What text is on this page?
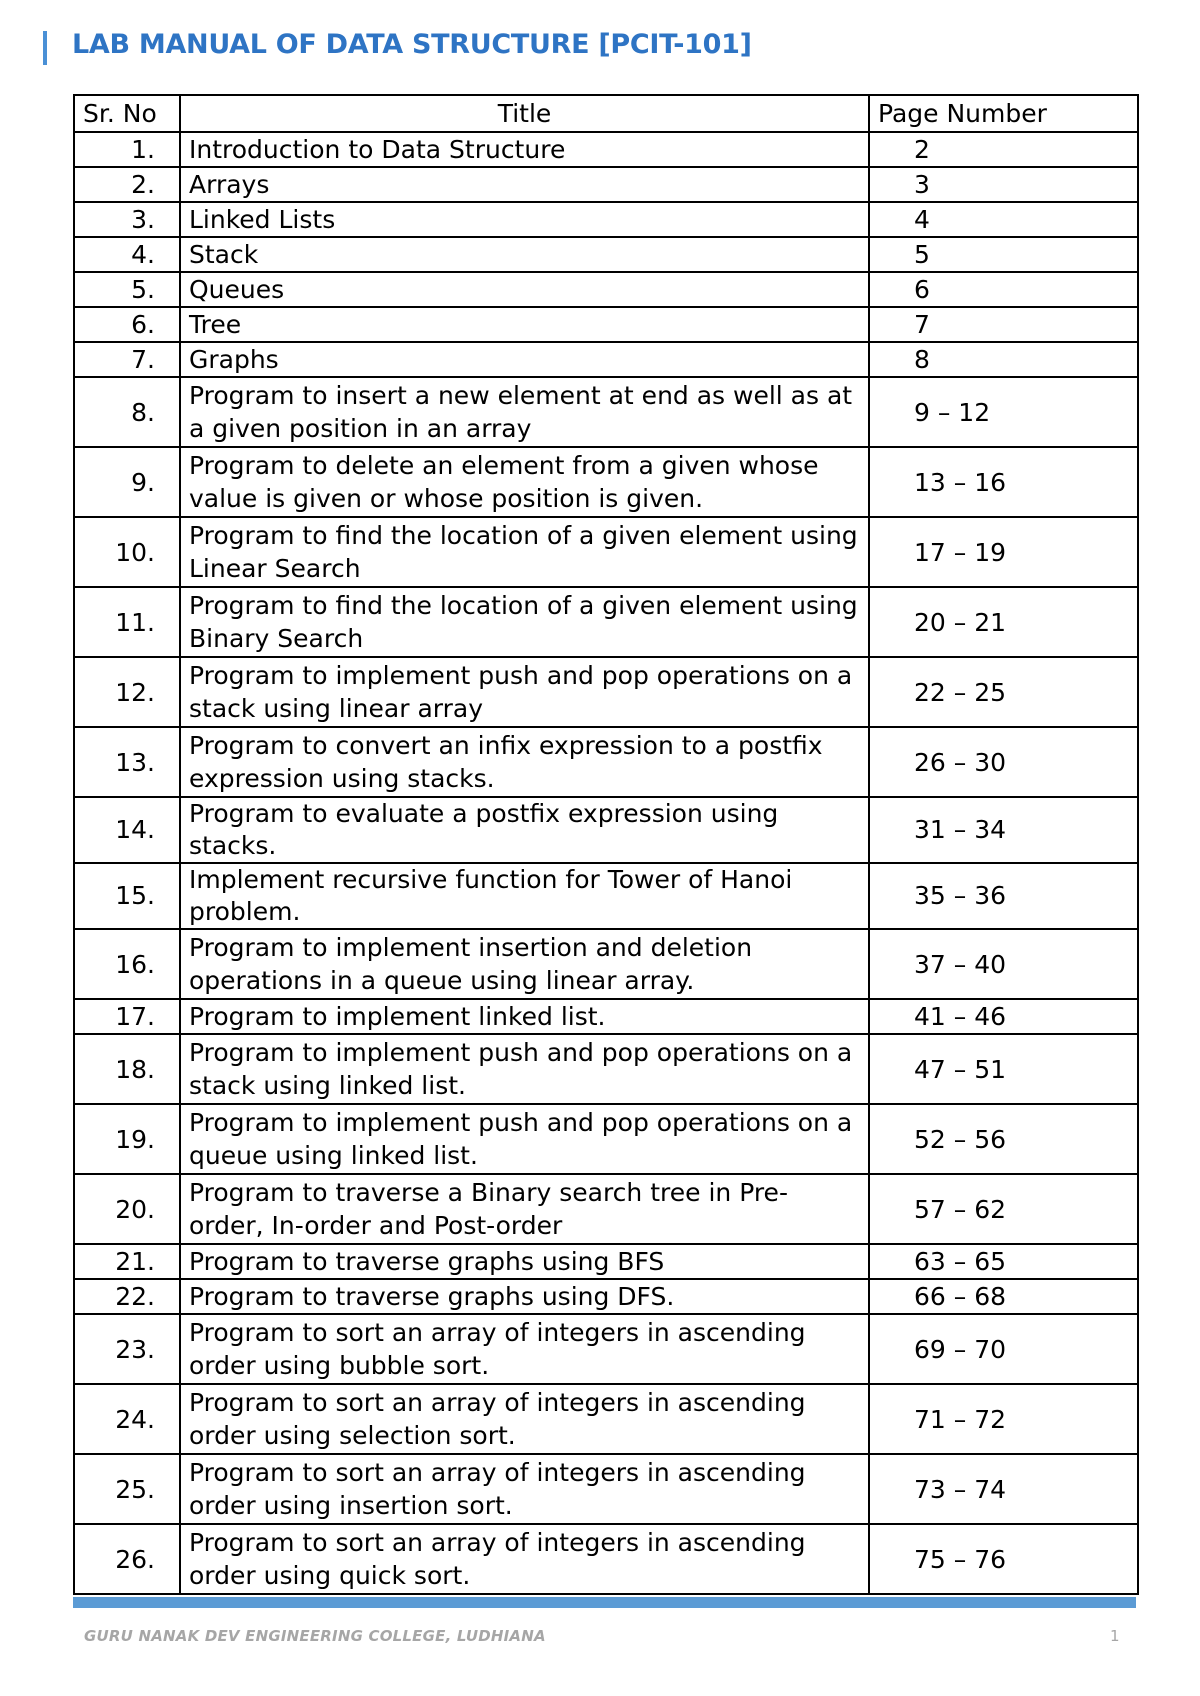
LAB MANUAL OF DATA STRUCTURE [PCIT-101]
Sr. No	Title	Page Number
1.	Introduction to Data Structure	2
2.	Arrays	3
3.	Linked Lists	4
4.	Stack	5
5.	Queues	6
6.	Tree	7
7.	Graphs	8
8.	Program to insert a new element at end as well as at a given position in an array	9 – 12
9.	Program to delete an element from a given whose value is given or whose position is given.	13 – 16
10.	Program to find the location of a given element using Linear Search	17 – 19
11.	Program to find the location of a given element using Binary Search	20 – 21
12.	Program to implement push and pop operations on a stack using linear array	22 – 25
13.	Program to convert an infix expression to a postfix expression using stacks.	26 – 30
14.	Program to evaluate a postfix expression using stacks.	31 – 34
15.	Implement recursive function for Tower of Hanoi problem.	35 – 36
16.	Program to implement insertion and deletion operations in a queue using linear array.	37 – 40
17.	Program to implement linked list.	41 – 46
18.	Program to implement push and pop operations on a stack using linked list.	47 – 51
19.	Program to implement push and pop operations on a queue using linked list.	52 – 56
20.	Program to traverse a Binary search tree in Pre-order, In-order and Post-order	57 – 62
21.	Program to traverse graphs using BFS	63 – 65
22.	Program to traverse graphs using DFS.	66 – 68
23.	Program to sort an array of integers in ascending order using bubble sort.	69 – 70
24.	Program to sort an array of integers in ascending order using selection sort.	71 – 72
25.	Program to sort an array of integers in ascending order using insertion sort.	73 – 74
26.	Program to sort an array of integers in ascending order using quick sort.	75 – 76
GURU NANAK DEV ENGINEERING COLLEGE, LUDHIANA	1
